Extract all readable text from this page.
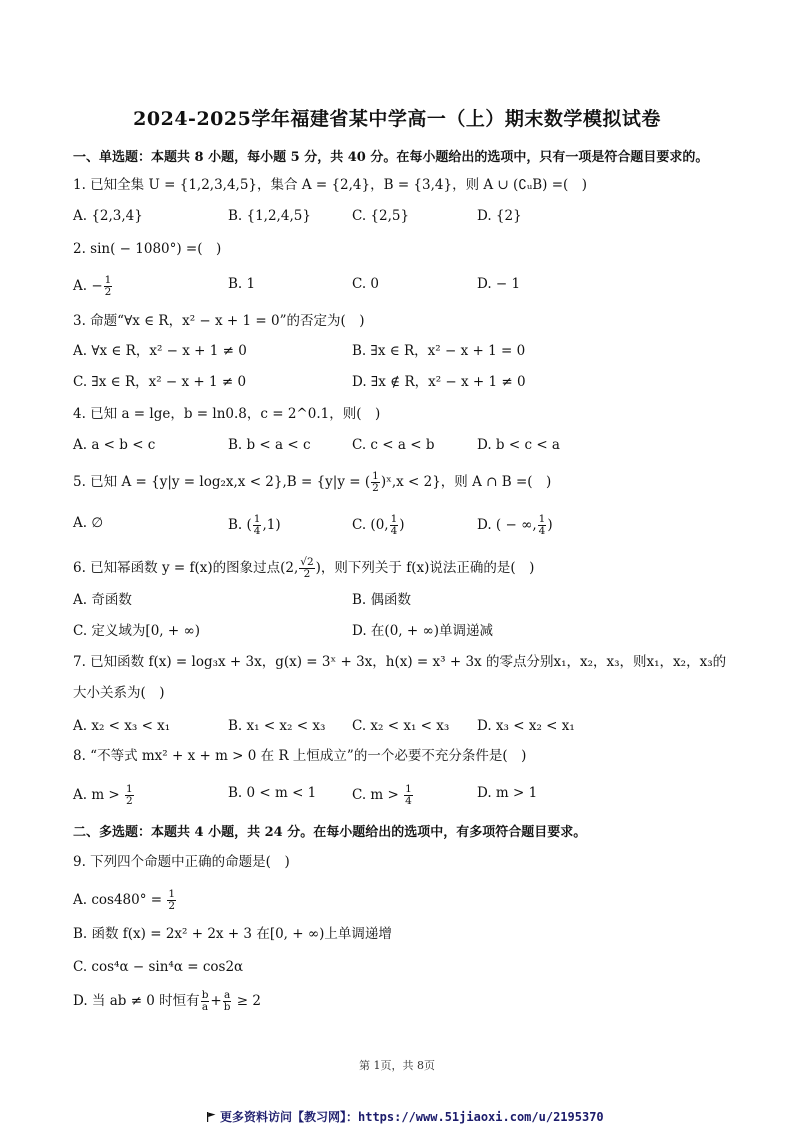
2024-2025学年福建省某中学高一（上）期末数学模拟试卷
一、单选题：本题共 8 小题，每小题 5 分，共 40 分。在每小题给出的选项中，只有一项是符合题目要求的。
1. 已知全集 U = {1,2,3,4,5}，集合 A = {2,4}，B = {3,4}，则 A ∪ (∁ᵤB) =(　)
A. {2,3,4}	B. {1,2,4,5}	C. {2,5}	D. {2}
2. sin( − 1080°) =(　)
A. − $\frac{1}{2}$	B. 1	C. 0	D. − 1
3. 命题“∀x ∈ R，x² − x + 1 = 0”的否定为(　)
A. ∀x ∈ R，x² − x + 1 ≠ 0	B. ∃x ∈ R，x² − x + 1 = 0
C. ∃x ∈ R，x² − x + 1 ≠ 0	D. ∃x ∉ R，x² − x + 1 ≠ 0
4. 已知 a = lge，b = ln0.8，c = 2^0.1，则(　)
A. a < b < c	B. b < a < c	C. c < a < b	D. b < c < a
5. 已知 A = {y|y = log₂x,x < 2},B = {y|y = ( $\frac{1}{2}$ )ˣ,x < 2}，则 A ∩ B =(　)
A. ∅	B. ( $\frac{1}{4} ,1$)	C. (0, $\frac{1}{4}$ )	D. ( − ∞, $\frac{1}{4}$ )
6. 已知幂函数 y = f(x)的图象过点(2, $\frac{√2}{2}$ )，则下列关于 f(x)说法正确的是(　)
A. 奇函数	B. 偶函数
C. 定义域为[0, + ∞)	D. 在(0, + ∞)单调递减
7. 已知函数 f(x) = log₃x + 3x，g(x) = 3ˣ + 3x，h(x) = x³ + 3x 的零点分别x₁，x₂，x₃，则x₁，x₂，x₃的
大小关系为(　)
A. x₂ < x₃ < x₁	B. x₁ < x₂ < x₃ C. x₂ < x₁ < x₃ D. x₃ < x₂ < x₁
8. “不等式 mx² + x + m > 0 在 R 上恒成立”的一个必要不充分条件是(　)
A. $m > \frac{1}{2}$	B. 0 < m < 1	C. $m > \frac{1}{4}$	D. m > 1
二、多选题：本题共 4 小题，共 24 分。在每小题给出的选项中，有多项符合题目要求。
9. 下列四个命题中正确的命题是(　)
A. $\cos 480^\circ = \frac{1}{2}$
B. 函数 f(x) = 2x² + 2x + 3 在[0, + ∞)上单调递增
C. cos⁴α − sin⁴α = cos2α
D. 当 ab ≠ 0 时恒有 $\frac{b}{a} + \frac{a}{b} \ge 2$
第 1页，共 8页
更多资料访问【教习网】：https://www.51jiaoxi.com/u/2195370
